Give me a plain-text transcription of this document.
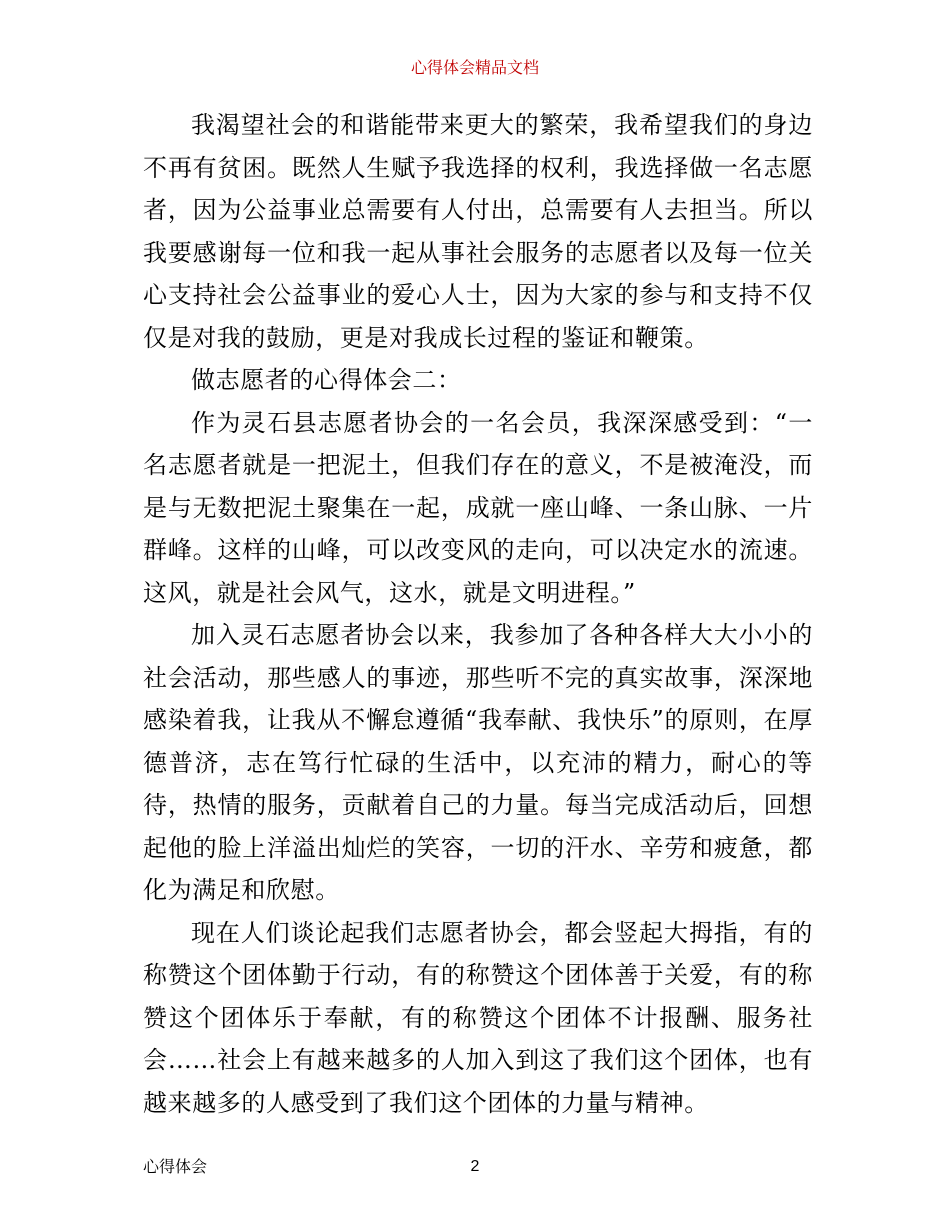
心得体会精品文档

我渴望社会的和谐能带来更大的繁荣，我希望我们的身边不再有贫困。既然人生赋予我选择的权利，我选择做一名志愿者，因为公益事业总需要有人付出，总需要有人去担当。所以我要感谢每一位和我一起从事社会服务的志愿者以及每一位关心支持社会公益事业的爱心人士，因为大家的参与和支持不仅仅是对我的鼓励，更是对我成长过程的鉴证和鞭策。

做志愿者的心得体会二：

作为灵石县志愿者协会的一名会员，我深深感受到：“一名志愿者就是一把泥土，但我们存在的意义，不是被淹没，而是与无数把泥土聚集在一起，成就一座山峰、一条山脉、一片群峰。这样的山峰，可以改变风的走向，可以决定水的流速。这风，就是社会风气，这水，就是文明进程。”

加入灵石志愿者协会以来，我参加了各种各样大大小小的社会活动，那些感人的事迹，那些听不完的真实故事，深深地感染着我，让我从不懈怠遵循“我奉献、我快乐”的原则，在厚德普济，志在笃行忙碌的生活中，以充沛的精力，耐心的等待，热情的服务，贡献着自己的力量。每当完成活动后，回想起他的脸上洋溢出灿烂的笑容，一切的汗水、辛劳和疲惫，都化为满足和欣慰。

现在人们谈论起我们志愿者协会，都会竖起大拇指，有的称赞这个团体勤于行动，有的称赞这个团体善于关爱，有的称赞这个团体乐于奉献，有的称赞这个团体不计报酬、服务社会……社会上有越来越多的人加入到这了我们这个团体，也有越来越多的人感受到了我们这个团体的力量与精神。

心得体会	2
